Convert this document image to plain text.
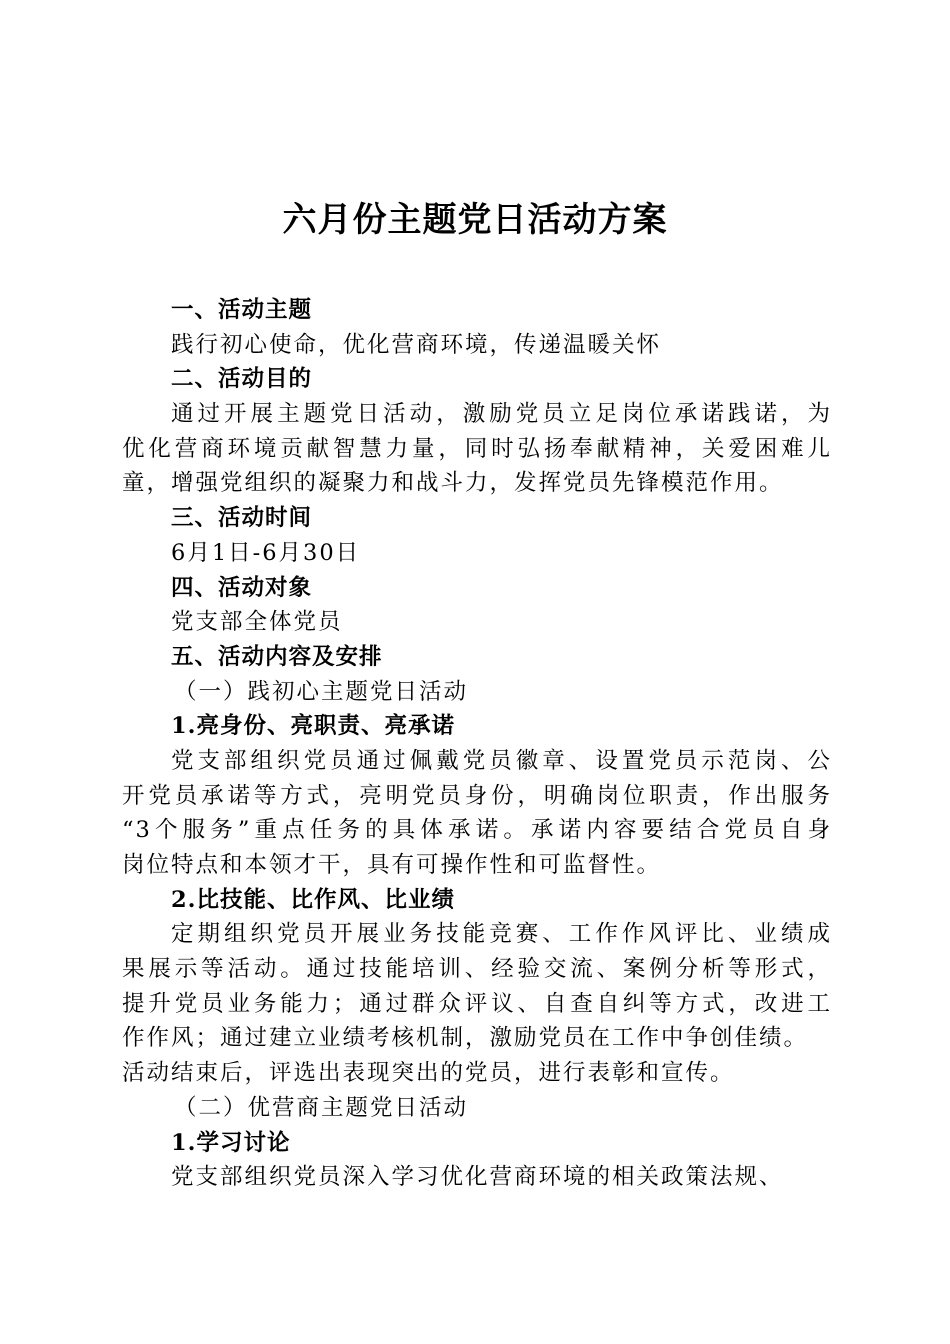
六月份主题党日活动方案
一、活动主题
践行初心使命，优化营商环境，传递温暖关怀
二、活动目的
通过开展主题党日活动，激励党员立足岗位承诺践诺，为
优化营商环境贡献智慧力量，同时弘扬奉献精神，关爱困难儿
童，增强党组织的凝聚力和战斗力，发挥党员先锋模范作用。
三、活动时间
6月1日-6月30日
四、活动对象
党支部全体党员
五、活动内容及安排
（一）践初心主题党日活动
1.亮身份、亮职责、亮承诺
党支部组织党员通过佩戴党员徽章、设置党员示范岗、公
开党员承诺等方式，亮明党员身份，明确岗位职责，作出服务
“3个服务”重点任务的具体承诺。承诺内容要结合党员自身
岗位特点和本领才干，具有可操作性和可监督性。
2.比技能、比作风、比业绩
定期组织党员开展业务技能竞赛、工作作风评比、业绩成
果展示等活动。通过技能培训、经验交流、案例分析等形式，
提升党员业务能力；通过群众评议、自查自纠等方式，改进工
作作风；通过建立业绩考核机制，激励党员在工作中争创佳绩。
活动结束后，评选出表现突出的党员，进行表彰和宣传。
（二）优营商主题党日活动
1.学习讨论
党支部组织党员深入学习优化营商环境的相关政策法规、
